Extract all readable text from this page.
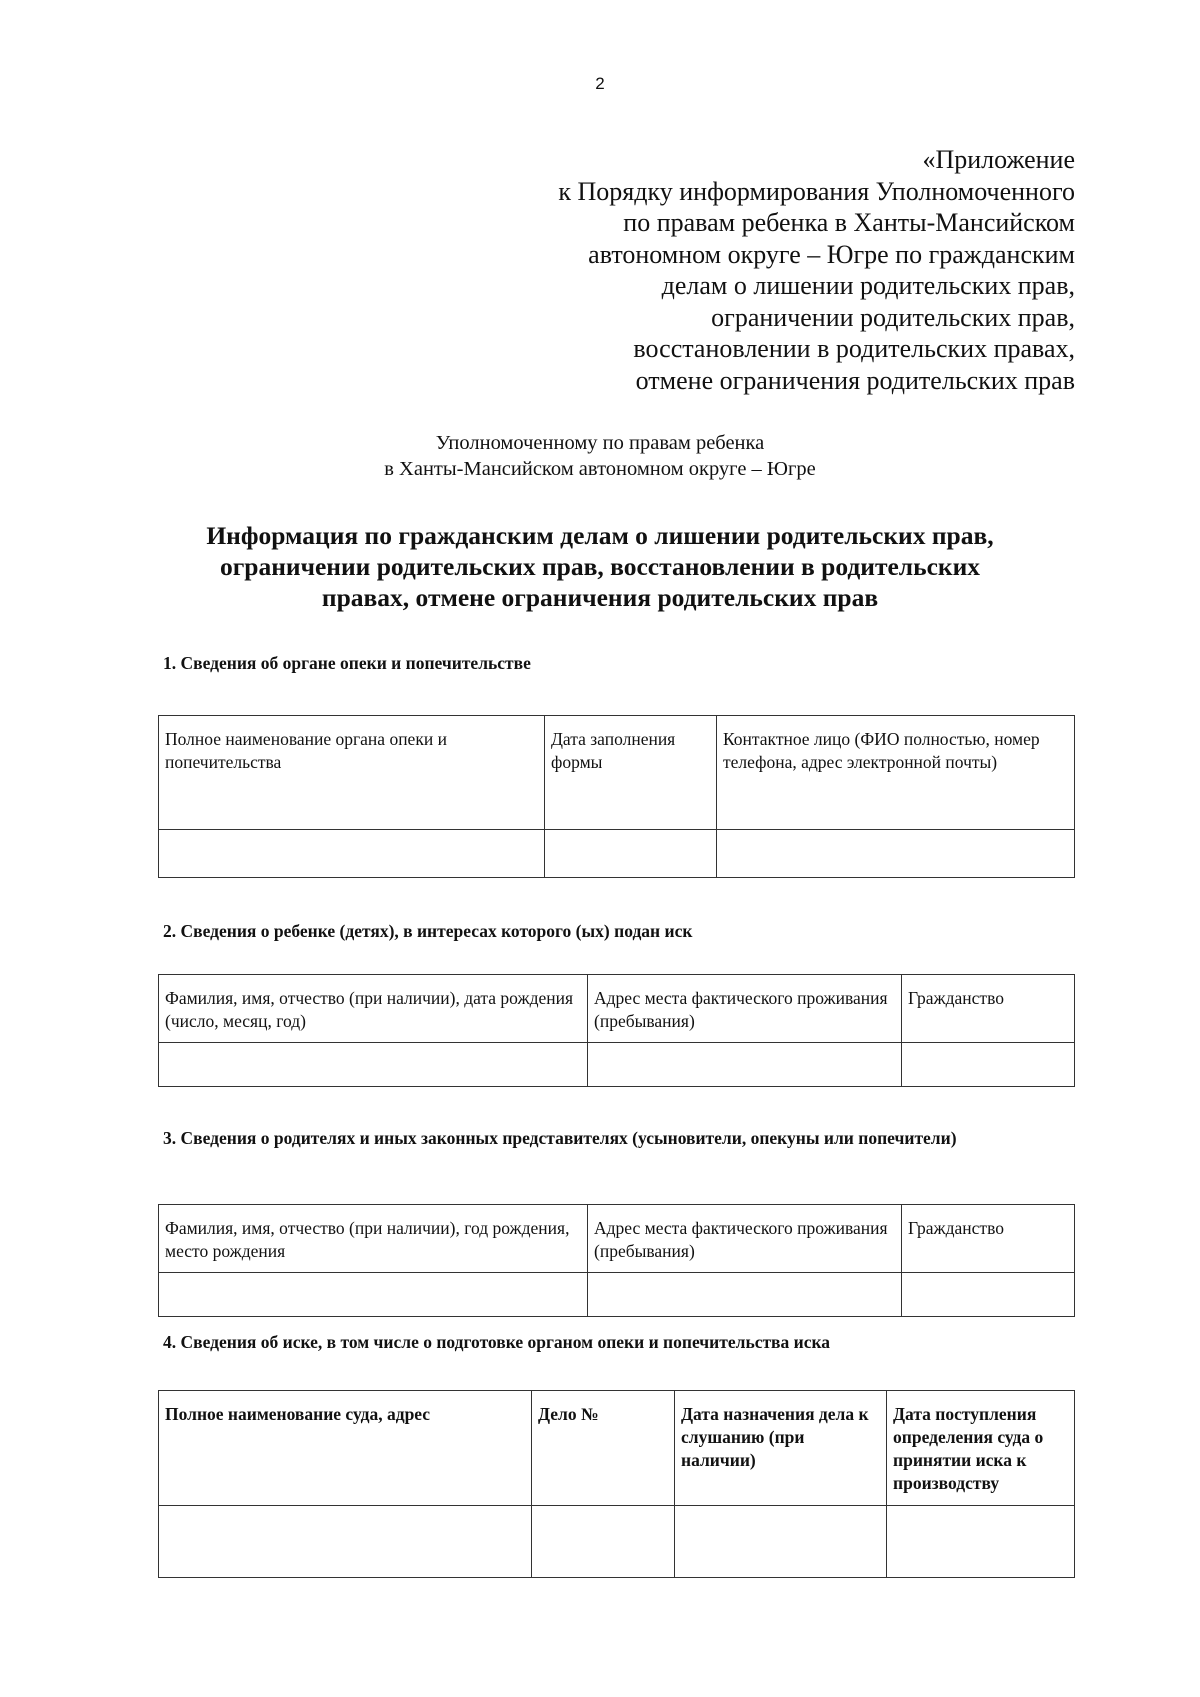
2
«Приложение
к Порядку информирования Уполномоченного
по правам ребенка в Ханты-Мансийском
автономном округе – Югре по гражданским
делам о лишении родительских прав,
ограничении родительских прав,
восстановлении в родительских правах,
отмене ограничения родительских прав
Уполномоченному по правам ребенка
в Ханты-Мансийском автономном округе – Югре
Информация по гражданским делам о лишении родительских прав,
ограничении родительских прав, восстановлении в родительских
правах, отмене ограничения родительских прав
1. Сведения об органе опеки и попечительстве
Полное наименование органа опеки и попечительства	Дата заполнения формы	Контактное лицо (ФИО полностью, номер телефона, адрес электронной почты)

2. Сведения о ребенке (детях), в интересах которого (ых) подан иск
Фамилия, имя, отчество (при наличии), дата рождения (число, месяц, год)	Адрес места фактического проживания (пребывания)	Гражданство

3. Сведения о родителях и иных законных представителях (усыновители, опекуны или попечители)
Фамилия, имя, отчество (при наличии), год рождения, место рождения	Адрес места фактического проживания (пребывания)	Гражданство

4. Сведения об иске, в том числе о подготовке органом опеки и попечительства иска
Полное наименование суда, адрес	Дело №	Дата назначения дела к слушанию (при наличии)	Дата поступления определения суда о принятии иска к производству
